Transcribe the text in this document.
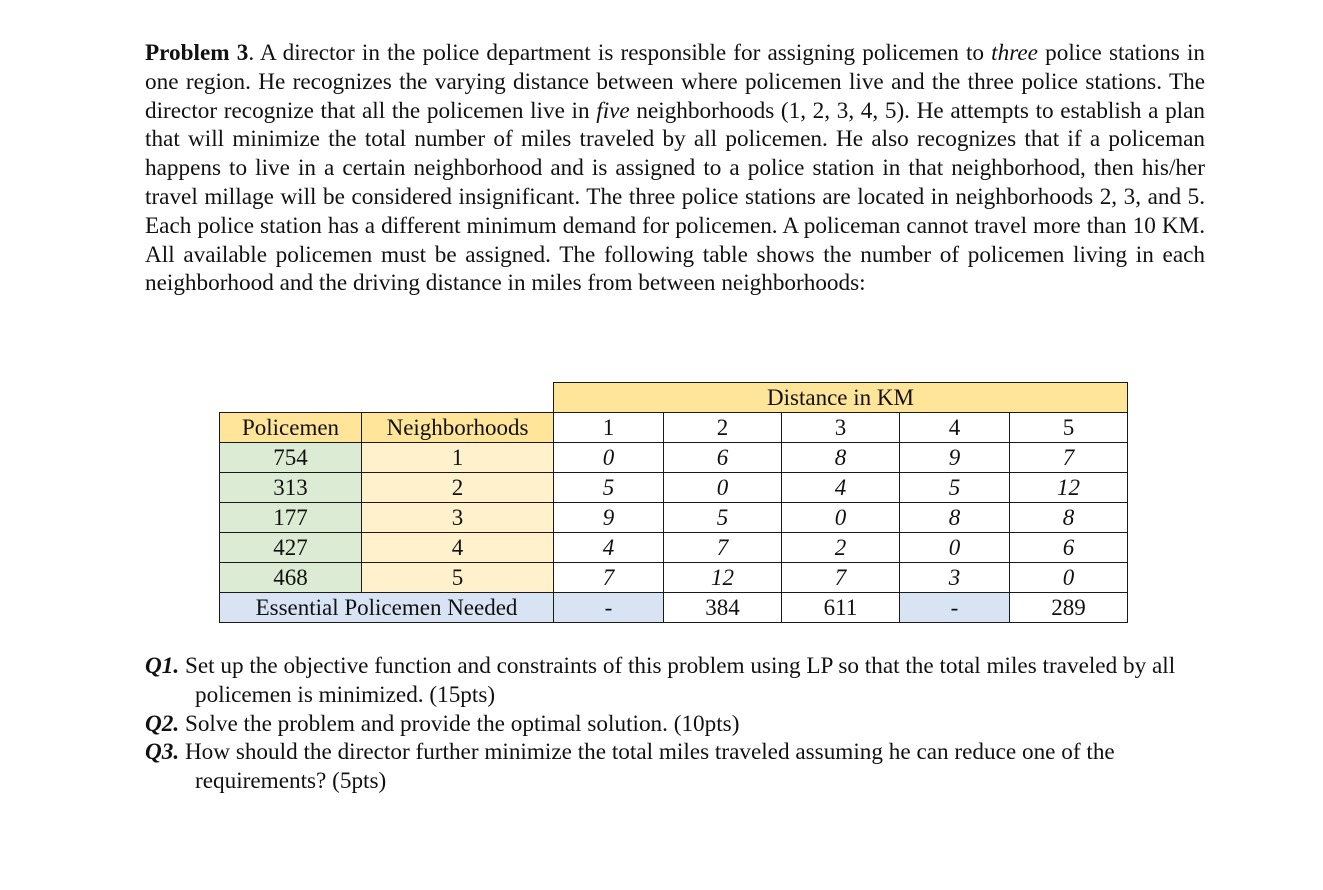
Problem 3. A director in the police department is responsible for assigning policemen to three police stations in one region. He recognizes the varying distance between where policemen live and the three police stations. The director recognize that all the policemen live in five neighborhoods (1, 2, 3, 4, 5). He attempts to establish a plan that will minimize the total number of miles traveled by all policemen. He also recognizes that if a policeman happens to live in a certain neighborhood and is assigned to a police station in that neighborhood, then his/her travel millage will be considered insignificant. The three police stations are located in neighborhoods 2, 3, and 5. Each police station has a different minimum demand for policemen. A policeman cannot travel more than 10 KM. All available policemen must be assigned. The following table shows the number of policemen living in each neighborhood and the driving distance in miles from between neighborhoods:

		Distance in KM				
Policemen	Neighborhoods	1	2	3	4	5
754	1	0	6	8	9	7
313	2	5	0	4	5	12
177	3	9	5	0	8	8
427	4	4	7	2	0	6
468	5	7	12	7	3	0
Essential Policemen Needed		-	384	611	-	289

Q1. Set up the objective function and constraints of this problem using LP so that the total miles traveled by all policemen is minimized. (15pts)

Q2. Solve the problem and provide the optimal solution. (10pts)

Q3. How should the director further minimize the total miles traveled assuming he can reduce one of the requirements? (5pts)
